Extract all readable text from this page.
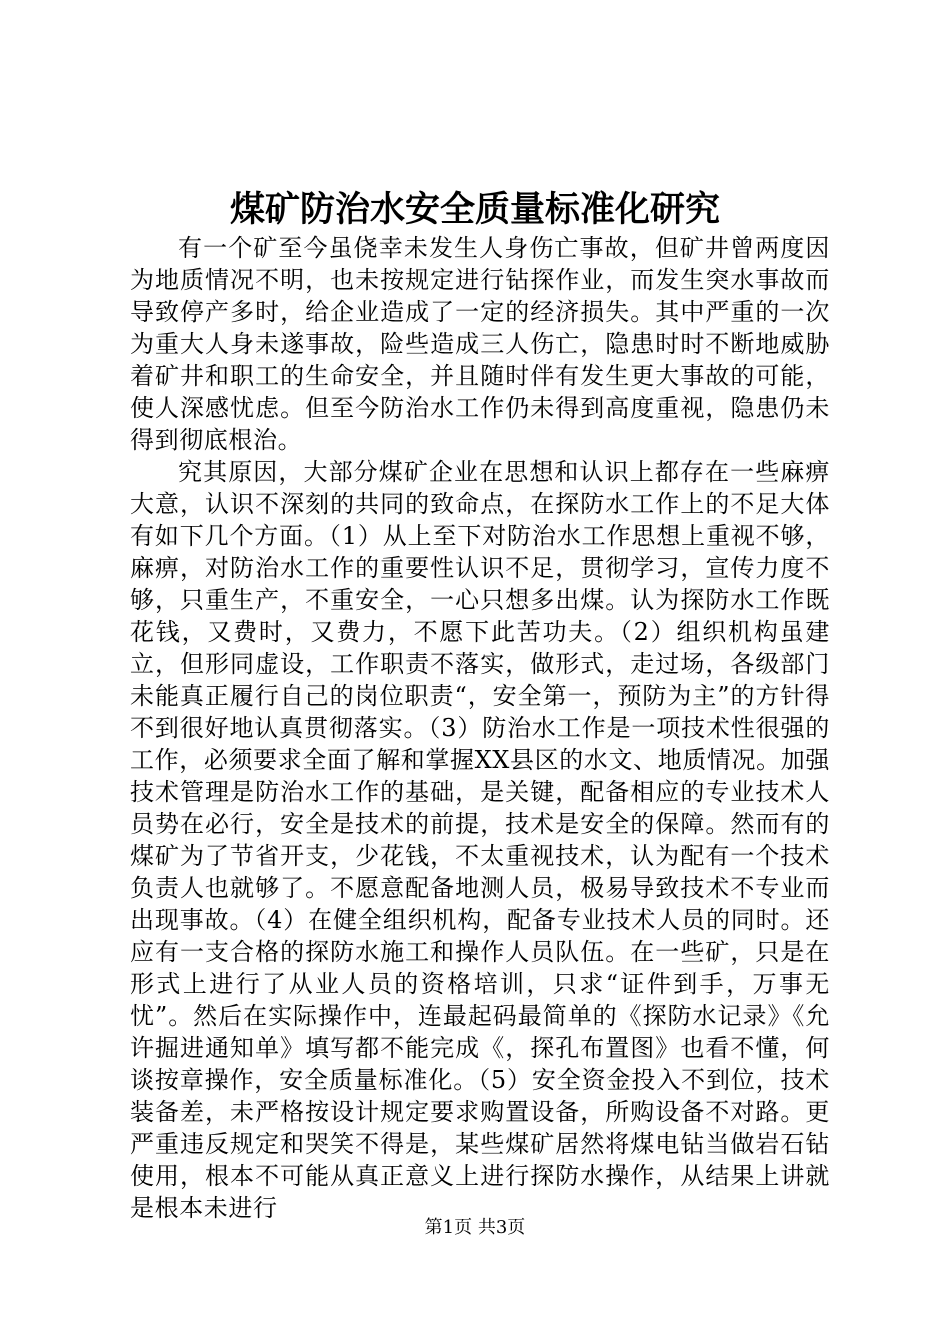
煤矿防治水安全质量标准化研究

有一个矿至今虽侥幸未发生人身伤亡事故，但矿井曾两度因为地质情况不明，也未按规定进行钻探作业，而发生突水事故而导致停产多时，给企业造成了一定的经济损失。其中严重的一次为重大人身未遂事故，险些造成三人伤亡，隐患时时不断地威胁着矿井和职工的生命安全，并且随时伴有发生更大事故的可能，使人深感忧虑。但至今防治水工作仍未得到高度重视，隐患仍未得到彻底根治。

究其原因，大部分煤矿企业在思想和认识上都存在一些麻痹大意，认识不深刻的共同的致命点，在探防水工作上的不足大体有如下几个方面。（1）从上至下对防治水工作思想上重视不够，麻痹，对防治水工作的重要性认识不足，贯彻学习，宣传力度不够，只重生产，不重安全，一心只想多出煤。认为探防水工作既花钱，又费时，又费力，不愿下此苦功夫。（2）组织机构虽建立，但形同虚设，工作职责不落实，做形式，走过场，各级部门未能真正履行自己的岗位职责“，安全第一，预防为主”的方针得不到很好地认真贯彻落实。（3）防治水工作是一项技术性很强的工作，必须要求全面了解和掌握XX县区的水文、地质情况。加强技术管理是防治水工作的基础，是关键，配备相应的专业技术人员势在必行，安全是技术的前提，技术是安全的保障。然而有的煤矿为了节省开支，少花钱，不太重视技术，认为配有一个技术负责人也就够了。不愿意配备地测人员，极易导致技术不专业而出现事故。（4）在健全组织机构，配备专业技术人员的同时。还应有一支合格的探防水施工和操作人员队伍。在一些矿，只是在形式上进行了从业人员的资格培训，只求“证件到手，万事无忧”。然后在实际操作中，连最起码最简单的《探防水记录》《允许掘进通知单》填写都不能完成《，探孔布置图》也看不懂，何谈按章操作，安全质量标准化。（5）安全资金投入不到位，技术装备差，未严格按设计规定要求购置设备，所购设备不对路。更严重违反规定和哭笑不得是，某些煤矿居然将煤电钻当做岩石钻使用，根本不可能从真正意义上进行探防水操作，从结果上讲就是根本未进行

第1页 共3页
